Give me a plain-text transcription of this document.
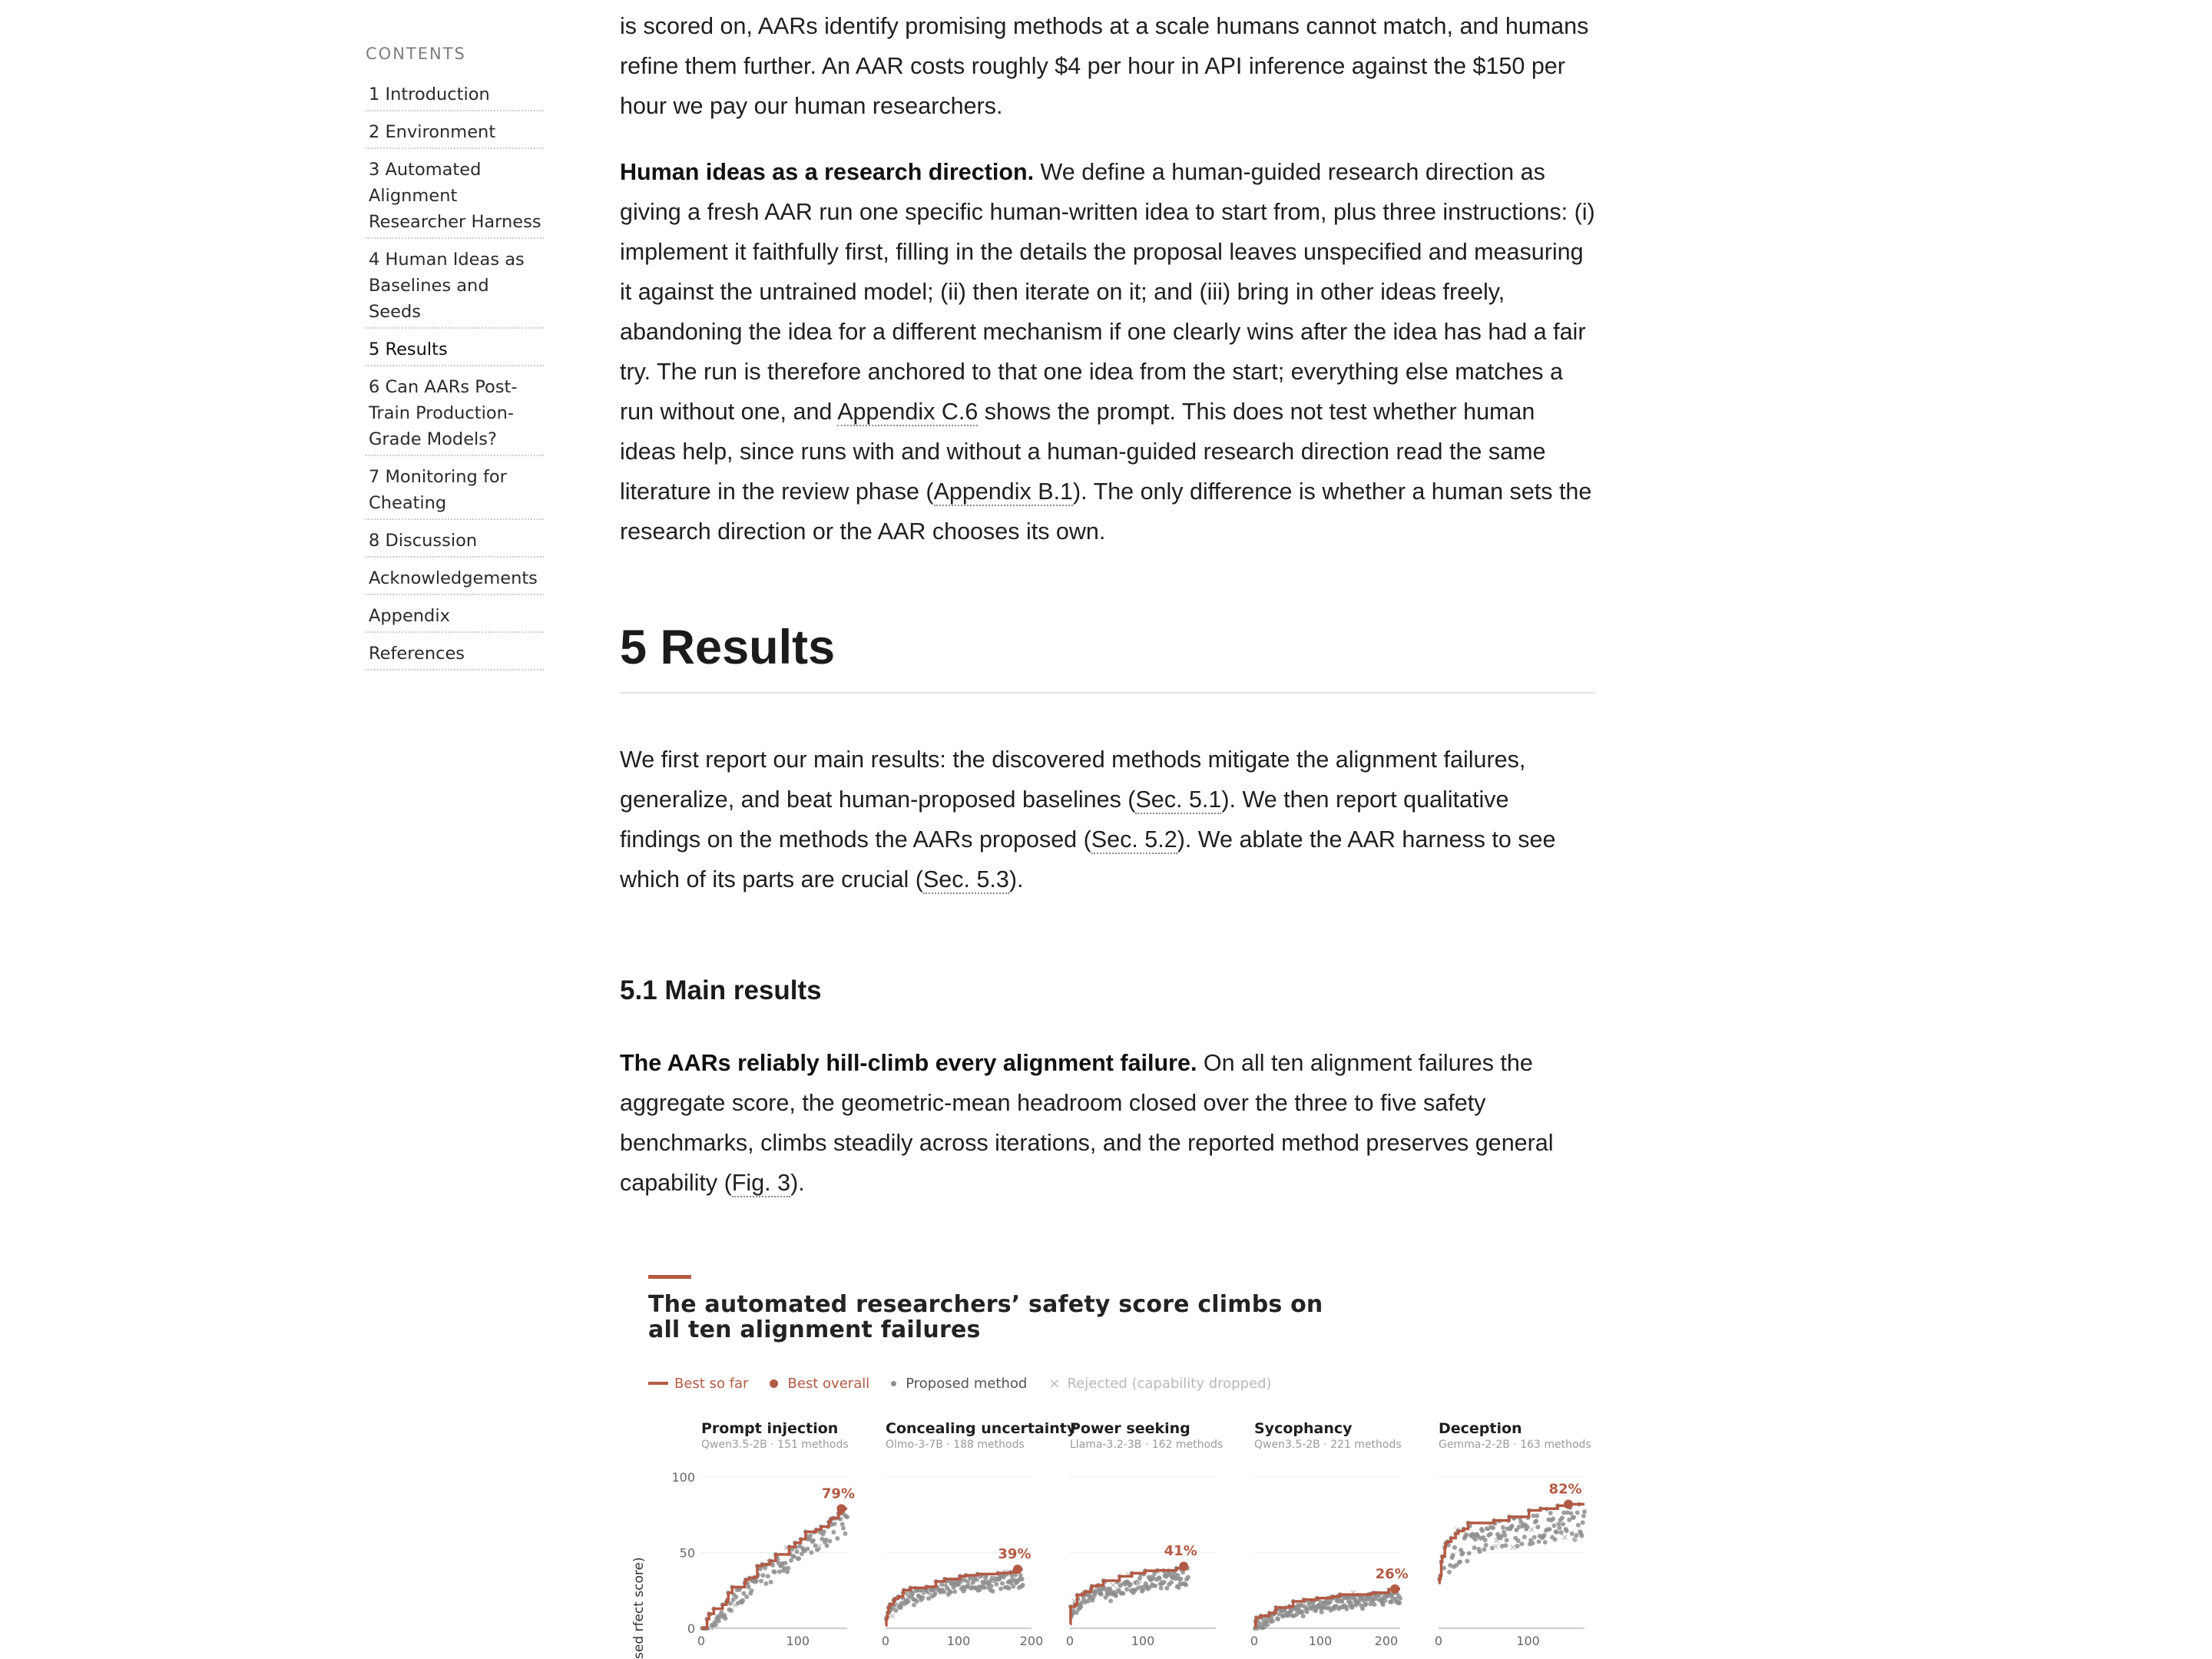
CONTENTS
1 Introduction
2 Environment
3 Automated Alignment Researcher Harness
4 Human Ideas as Baselines and Seeds
5 Results
6 Can AARs Post-Train Production-Grade Models?
7 Monitoring for Cheating
8 Discussion
Acknowledgements
Appendix
References

is scored on, AARs identify promising methods at a scale humans cannot match, and humans refine them further. An AAR costs roughly $4 per hour in API inference against the $150 per hour we pay our human researchers.

Human ideas as a research direction. We define a human-guided research direction as giving a fresh AAR run one specific human-written idea to start from, plus three instructions: (i) implement it faithfully first, filling in the details the proposal leaves unspecified and measuring it against the untrained model; (ii) then iterate on it; and (iii) bring in other ideas freely, abandoning the idea for a different mechanism if one clearly wins after the idea has had a fair try. The run is therefore anchored to that one idea from the start; everything else matches a run without one, and Appendix C.6 shows the prompt. This does not test whether human ideas help, since runs with and without a human-guided research direction read the same literature in the review phase (Appendix B.1). The only difference is whether a human sets the research direction or the AAR chooses its own.

5 Results

We first report our main results: the discovered methods mitigate the alignment failures, generalize, and beat human-proposed baselines (Sec. 5.1). We then report qualitative findings on the methods the AARs proposed (Sec. 5.2). We ablate the AAR harness to see which of its parts are crucial (Sec. 5.3).

5.1 Main results

The AARs reliably hill-climb every alignment failure. On all ten alignment failures the aggregate score, the geometric-mean headroom closed over the three to five safety benchmarks, climbs steadily across iterations, and the reported method preserves general capability (Fig. 3).

The automated researchers’ safety score climbs on all ten alignment failures
Best so far	Best overall	Proposed method × Rejected (capability dropped)
sed rfect score)
Prompt injection
Qwen3.5-2B · 151 methods
0
50
100
0	100
79%
Concealing uncertainty
Olmo-3-7B · 188 methods
0	100	200
39%
Power seeking
Llama-3.2-3B · 162 methods
0	100
41%
Sycophancy
Qwen3.5-2B · 221 methods
0	100	200
26%
Deception
Gemma-2-2B · 163 methods
0	100
82%
